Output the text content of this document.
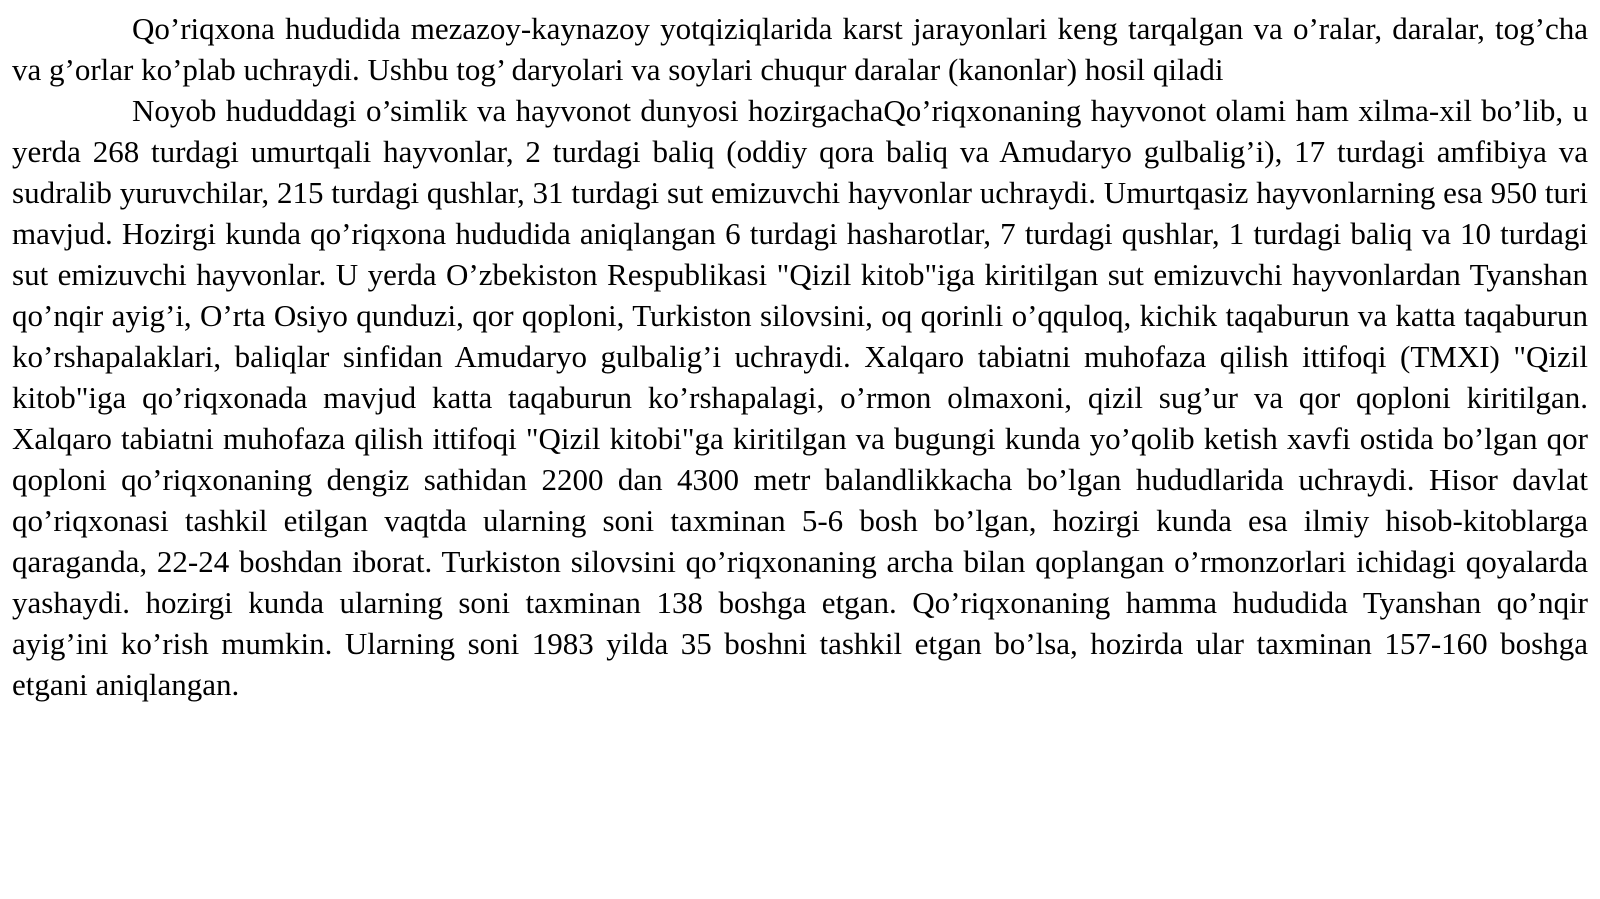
Qo’riqxona hududida mezazoy-kaynazoy yotqiziqlarida karst jarayonlari keng tarqalgan va o’ralar, daralar, tog’cha va g’orlar ko’plab uchraydi. Ushbu tog’ daryolari va soylari chuqur daralar (kanonlar) hosil qiladi

Noyob hududdagi o’simlik va hayvonot dunyosi hozirgachaQo’riqxonaning hayvonot olami ham xilma-xil bo’lib, u yerda 268 turdagi umurtqali hayvonlar, 2 turdagi baliq (oddiy qora baliq va Amudaryo gulbalig’i), 17 turdagi amfibiya va sudralib yuruvchilar, 215 turdagi qushlar, 31 turdagi sut emizuvchi hayvonlar uchraydi. Umurtqasiz hayvonlarning esa 950 turi mavjud. Hozirgi kunda qo’riqxona hududida aniqlangan 6 turdagi hasharotlar, 7 turdagi qushlar, 1 turdagi baliq va 10 turdagi sut emizuvchi hayvonlar. U yerda O’zbekiston Respublikasi "Qizil kitob"iga kiritilgan sut emizuvchi hayvonlardan Tyanshan qo’nqir ayig’i, O’rta Osiyo qunduzi, qor qoploni, Turkiston silovsini, oq qorinli o’qquloq, kichik taqaburun va katta taqaburun ko’rshapalaklari, baliqlar sinfidan Amudaryo gulbalig’i uchraydi. Xalqaro tabiatni muhofaza qilish ittifoqi (TMXI) "Qizil kitob"iga qo’riqxonada mavjud katta taqaburun ko’rshapalagi, o’rmon olmaxoni, qizil sug’ur va qor qoploni kiritilgan. Xalqaro tabiatni muhofaza qilish ittifoqi "Qizil kitobi"ga kiritilgan va bugungi kunda yo’qolib ketish xavfi ostida bo’lgan qor qoploni qo’riqxonaning dengiz sathidan 2200 dan 4300 metr balandlikkacha bo’lgan hududlarida uchraydi. Hisor davlat qo’riqxonasi tashkil etilgan vaqtda ularning soni taxminan 5-6 bosh bo’lgan, hozirgi kunda esa ilmiy hisob-kitoblarga qaraganda, 22-24 boshdan iborat. Turkiston silovsini qo’riqxonaning archa bilan qoplangan o’rmonzorlari ichidagi qoyalarda yashaydi. hozirgi kunda ularning soni taxminan 138 boshga etgan. Qo’riqxonaning hamma hududida Tyanshan qo’nqir ayig’ini ko’rish mumkin. Ularning soni 1983 yilda 35 boshni tashkil etgan bo’lsa, hozirda ular taxminan 157-160 boshga etgani aniqlangan.
